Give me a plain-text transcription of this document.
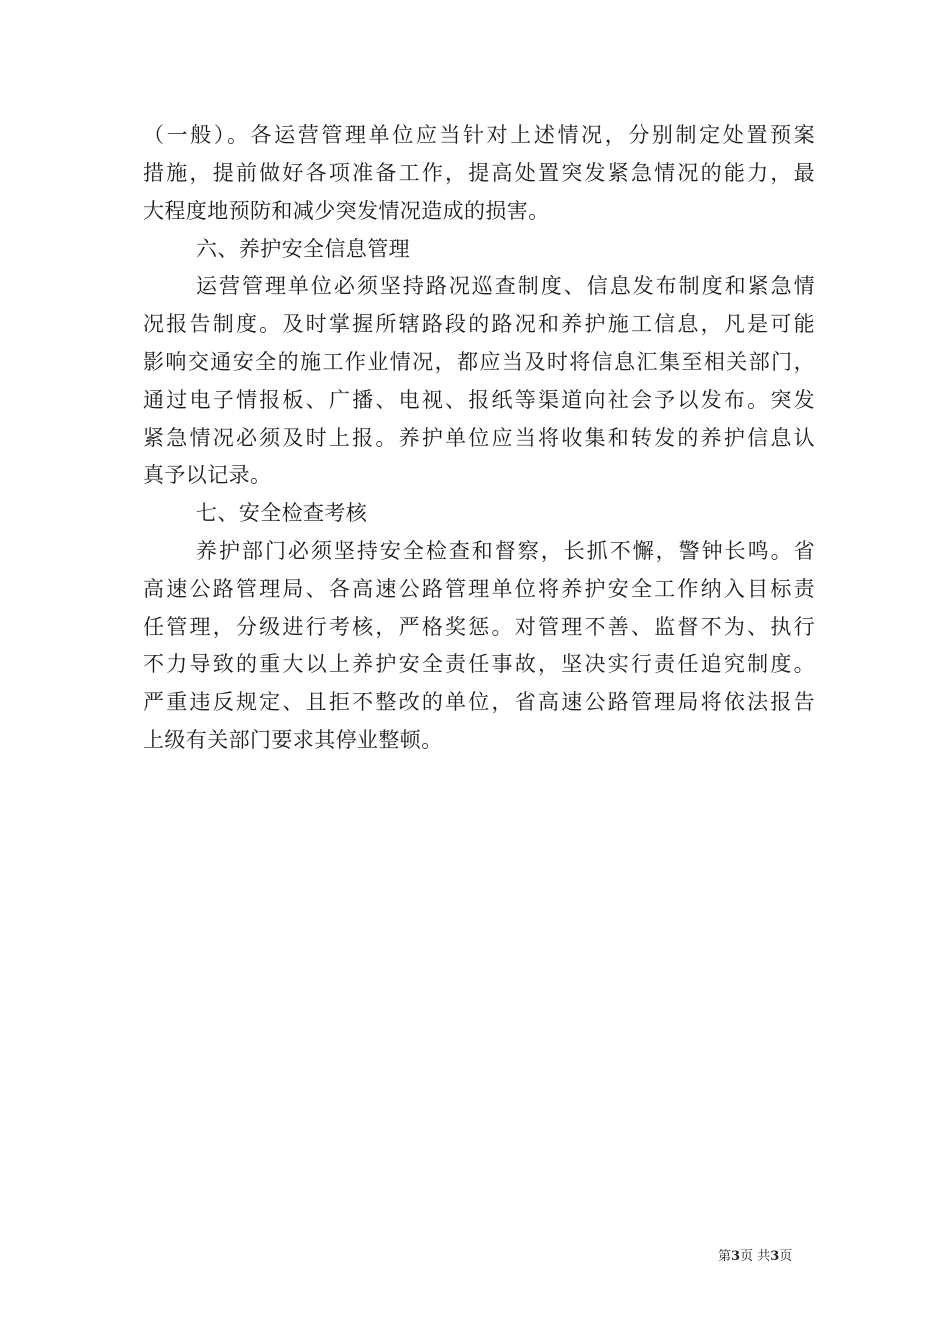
（一般）。各运营管理单位应当针对上述情况，分别制定处置预案
措施，提前做好各项准备工作，提高处置突发紧急情况的能力，最
大程度地预防和减少突发情况造成的损害。
六、养护安全信息管理
运营管理单位必须坚持路况巡查制度、信息发布制度和紧急情
况报告制度。及时掌握所辖路段的路况和养护施工信息，凡是可能
影响交通安全的施工作业情况，都应当及时将信息汇集至相关部门，
通过电子情报板、广播、电视、报纸等渠道向社会予以发布。突发
紧急情况必须及时上报。养护单位应当将收集和转发的养护信息认
真予以记录。
七、安全检查考核
养护部门必须坚持安全检查和督察，长抓不懈，警钟长鸣。省
高速公路管理局、各高速公路管理单位将养护安全工作纳入目标责
任管理，分级进行考核，严格奖惩。对管理不善、监督不为、执行
不力导致的重大以上养护安全责任事故，坚决实行责任追究制度。
严重违反规定、且拒不整改的单位，省高速公路管理局将依法报告
上级有关部门要求其停业整顿。
第3页 共3页
